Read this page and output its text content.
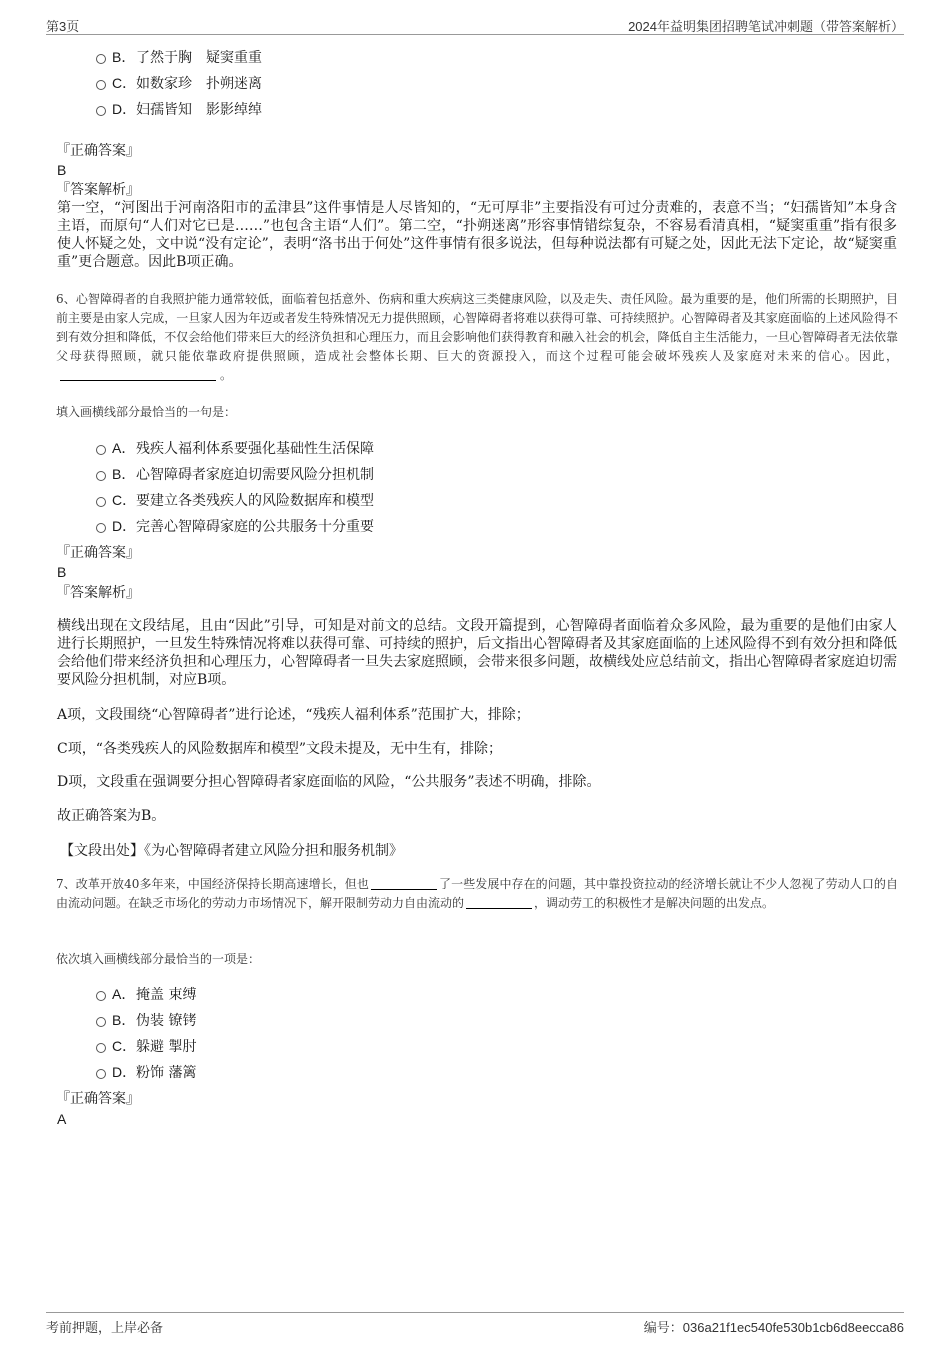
第3页	2024年益明集团招聘笔试冲刺题（带答案解析）
B．了然于胸　疑窦重重
C．如数家珍　扑朔迷离
D．妇孺皆知　影影绰绰
『正确答案』
B
『答案解析』
第一空，“河图出于河南洛阳市的孟津县”这件事情是人尽皆知的，“无可厚非”主要指没有可过分责难的，表意不当；“妇孺皆知”本身含主语，而原句“人们对它已是……”也包含主语“人们”。第二空，“扑朔迷离”形容事情错综复杂，不容易看清真相，“疑窦重重”指有很多使人怀疑之处，文中说“没有定论”，表明“洛书出于何处”这件事情有很多说法，但每种说法都有可疑之处，因此无法下定论，故“疑窦重重”更合题意。因此B项正确。
6、心智障碍者的自我照护能力通常较低，面临着包括意外、伤病和重大疾病这三类健康风险，以及走失、责任风险。最为重要的是，他们所需的长期照护，目前主要是由家人完成，一旦家人因为年迈或者发生特殊情况无力提供照顾，心智障碍者将难以获得可靠、可持续照护。心智障碍者及其家庭面临的上述风险得不到有效分担和降低，不仅会给他们带来巨大的经济负担和心理压力，而且会影响他们获得教育和融入社会的机会，降低自主生活能力，一旦心智障碍者无法依靠父母获得照顾，就只能依靠政府提供照顾，造成社会整体长期、巨大的资源投入，而这个过程可能会破坏残疾人及家庭对未来的信心。因此，。
填入画横线部分最恰当的一句是：
A．残疾人福利体系要强化基础性生活保障
B．心智障碍者家庭迫切需要风险分担机制
C．要建立各类残疾人的风险数据库和模型
D．完善心智障碍家庭的公共服务十分重要
『正确答案』
B
『答案解析』
横线出现在文段结尾，且由“因此”引导，可知是对前文的总结。文段开篇提到，心智障碍者面临着众多风险，最为重要的是他们由家人进行长期照护，一旦发生特殊情况将难以获得可靠、可持续的照护，后文指出心智障碍者及其家庭面临的上述风险得不到有效分担和降低会给他们带来经济负担和心理压力，心智障碍者一旦失去家庭照顾，会带来很多问题，故横线处应总结前文，指出心智障碍者家庭迫切需要风险分担机制，对应B项。
A项，文段围绕“心智障碍者”进行论述，“残疾人福利体系”范围扩大，排除；
C项，“各类残疾人的风险数据库和模型”文段未提及，无中生有，排除；
D项，文段重在强调要分担心智障碍者家庭面临的风险，“公共服务”表述不明确，排除。
故正确答案为B。
【文段出处】《为心智障碍者建立风险分担和服务机制》
7、改革开放40多年来，中国经济保持长期高速增长，但也	了一些发展中存在的问题，其中靠投资拉动的经济增长就让不少人忽视了劳动人口的自由流动问题。在缺乏市场化的劳动力市场情况下，解开限制劳动力自由流动的	，调动劳工的积极性才是解决问题的出发点。
依次填入画横线部分最恰当的一项是：
A．掩盖 束缚
B．伪装 镣铐
C．躲避 掣肘
D．粉饰 藩篱
『正确答案』
A
考前押题，上岸必备	编号：036a21f1ec540fe530b1cb6d8eecca86
